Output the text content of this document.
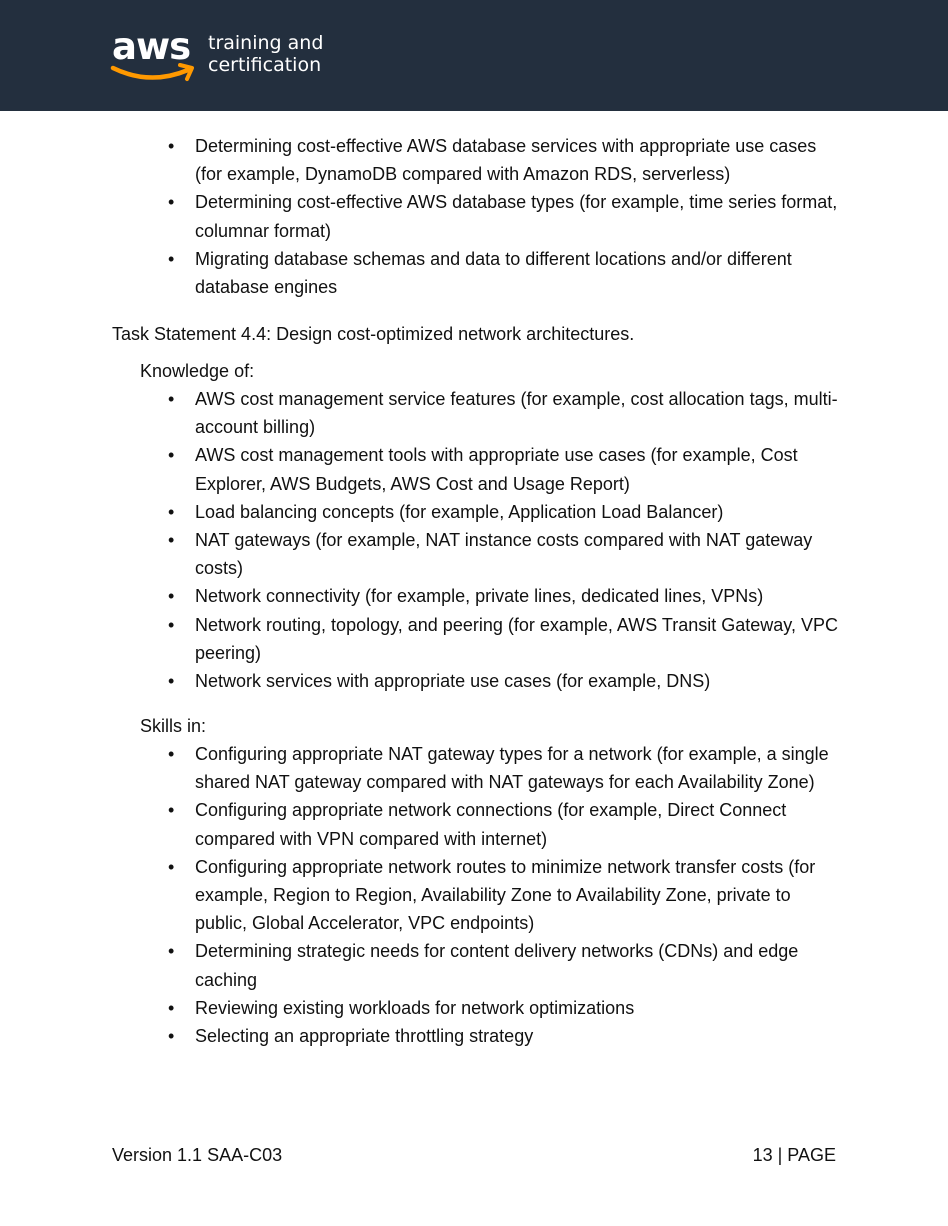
aws training and
certification
• Determining cost-effective AWS database services with appropriate use cases (for example, DynamoDB compared with Amazon RDS, serverless)
• Determining cost-effective AWS database types (for example, time series format, columnar format)
• Migrating database schemas and data to different locations and/or different database engines
Task Statement 4.4: Design cost-optimized network architectures.
Knowledge of:
• AWS cost management service features (for example, cost allocation tags, multi-account billing)
• AWS cost management tools with appropriate use cases (for example, Cost Explorer, AWS Budgets, AWS Cost and Usage Report)
• Load balancing concepts (for example, Application Load Balancer)
• NAT gateways (for example, NAT instance costs compared with NAT gateway costs)
• Network connectivity (for example, private lines, dedicated lines, VPNs)
• Network routing, topology, and peering (for example, AWS Transit Gateway, VPC peering)
• Network services with appropriate use cases (for example, DNS)
Skills in:
• Configuring appropriate NAT gateway types for a network (for example, a single shared NAT gateway compared with NAT gateways for each Availability Zone)
• Configuring appropriate network connections (for example, Direct Connect compared with VPN compared with internet)
• Configuring appropriate network routes to minimize network transfer costs (for example, Region to Region, Availability Zone to Availability Zone, private to public, Global Accelerator, VPC endpoints)
• Determining strategic needs for content delivery networks (CDNs) and edge caching
• Reviewing existing workloads for network optimizations
• Selecting an appropriate throttling strategy
Version 1.1 SAA-C03	13 | PAGE
